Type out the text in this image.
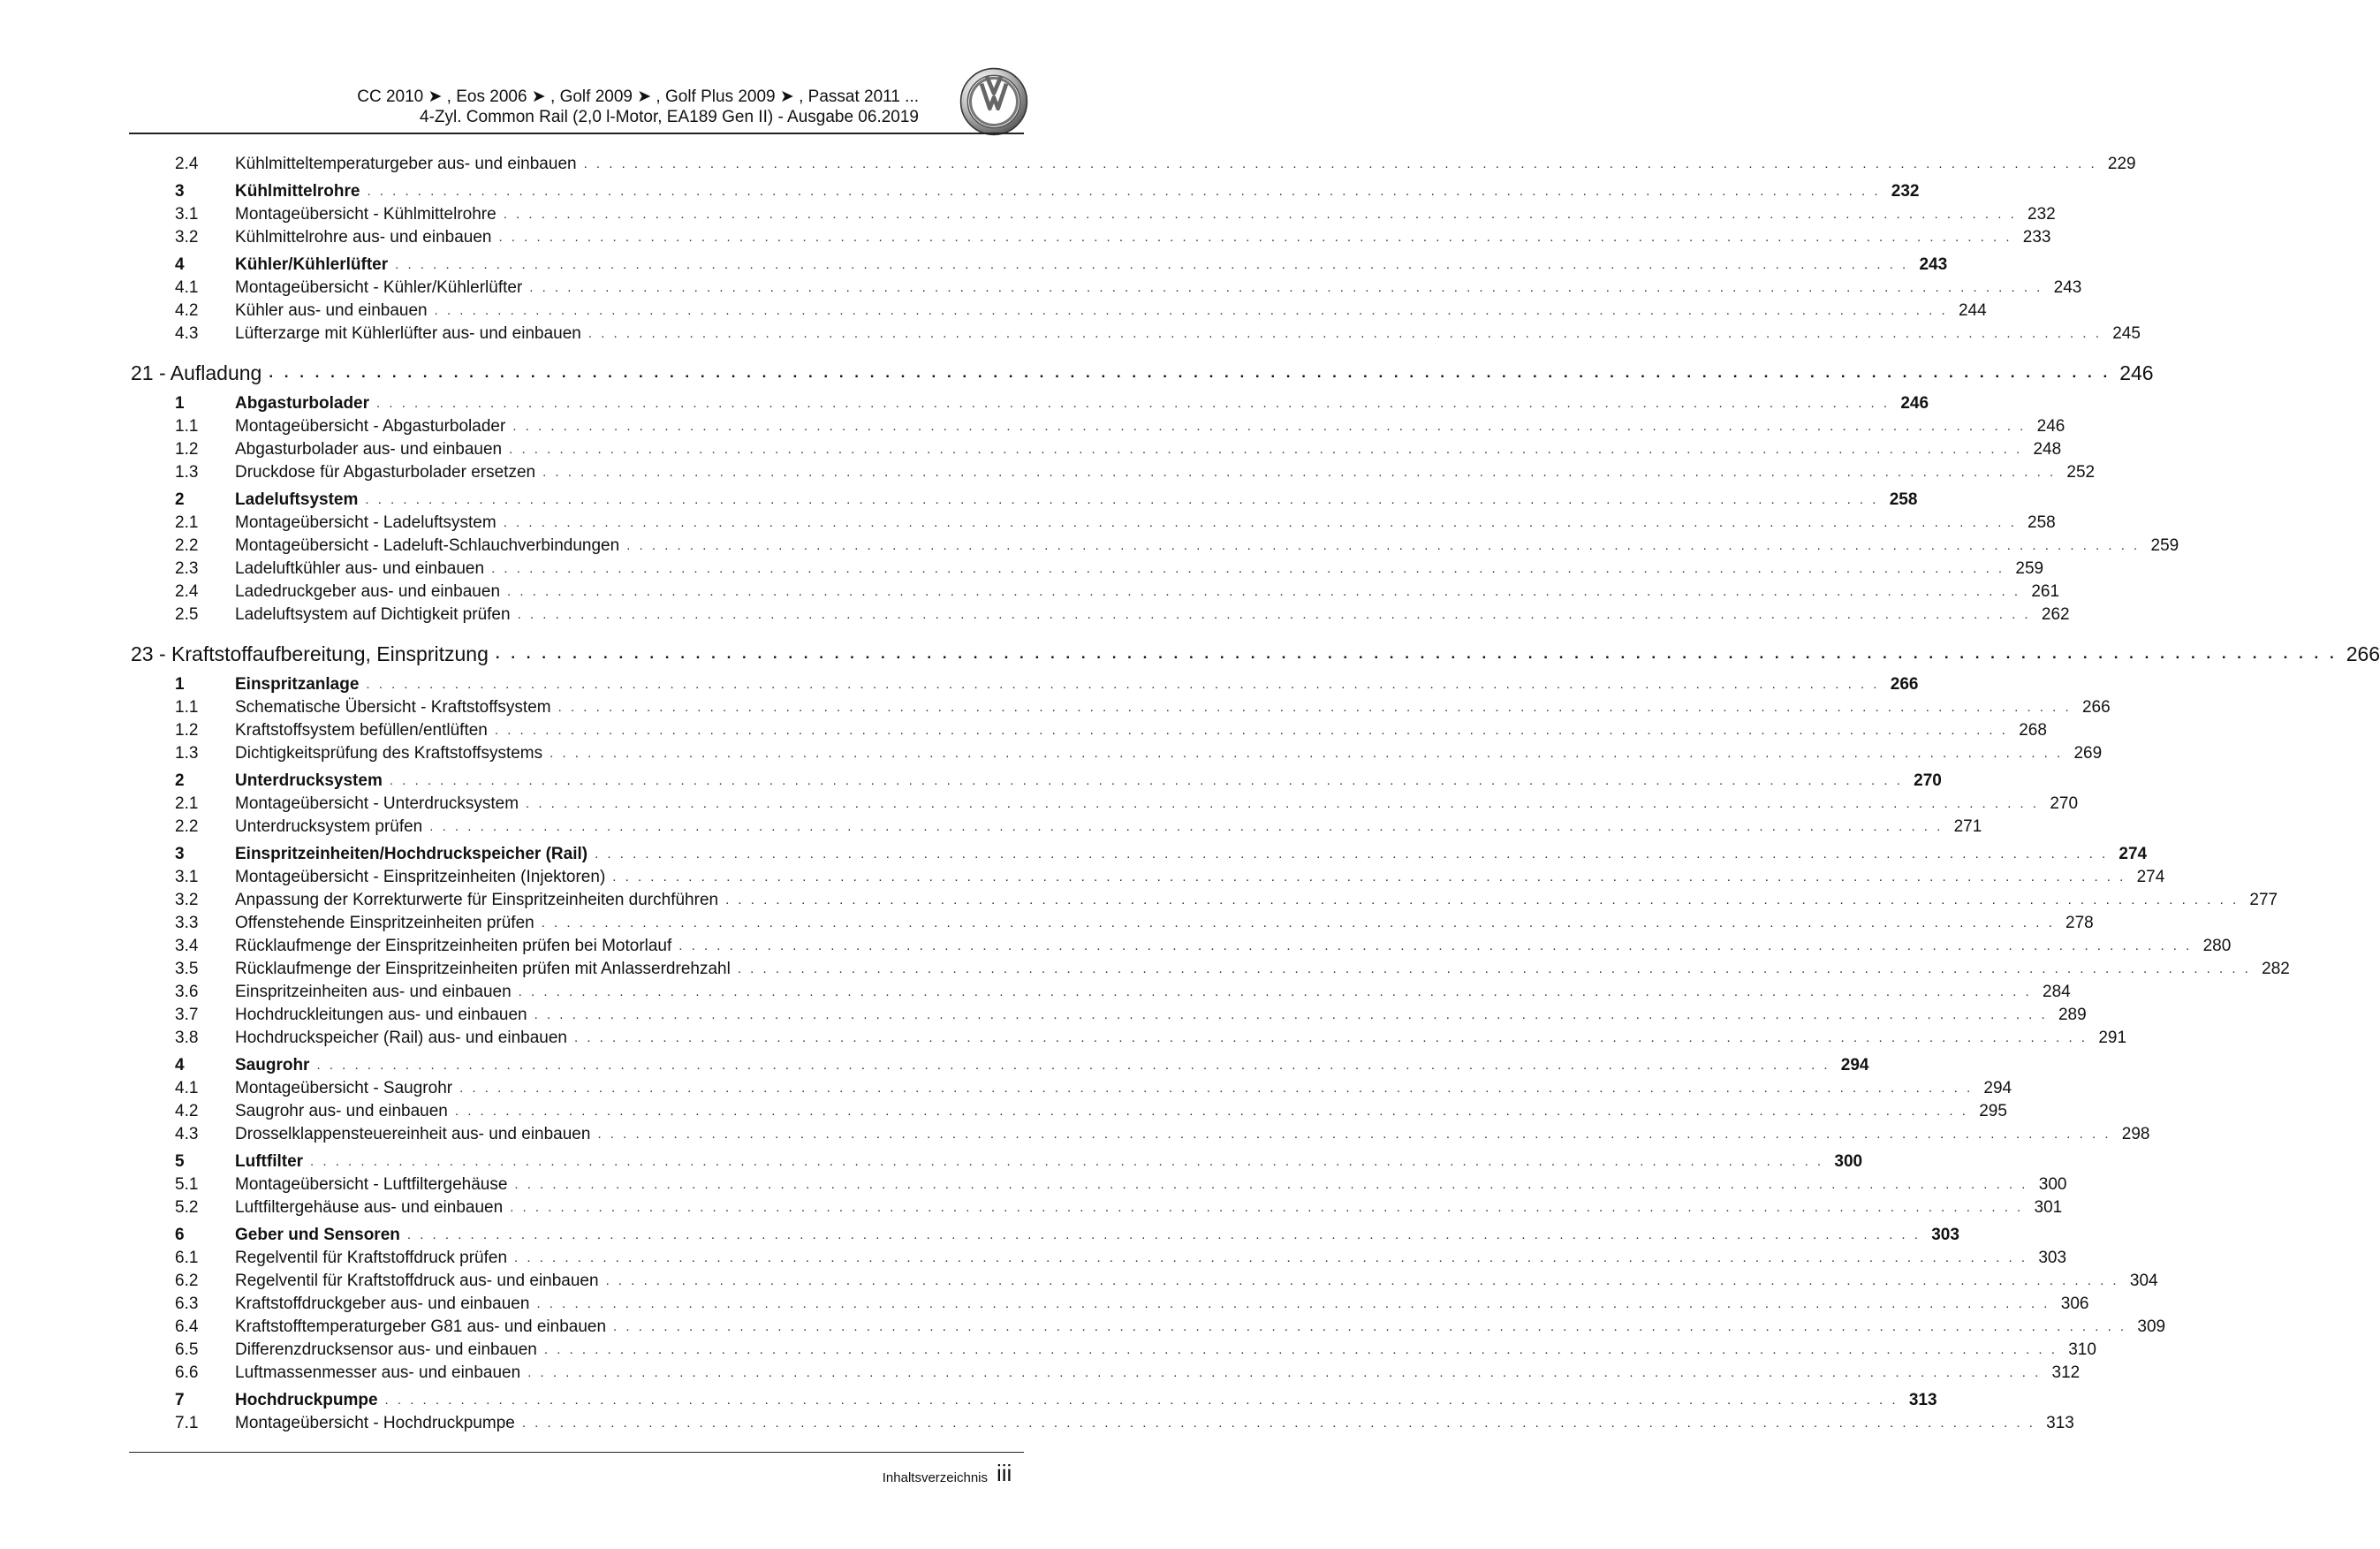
CC 2010 ➤ , Eos 2006 ➤ , Golf 2009 ➤ , Golf Plus 2009 ➤ , Passat 2011 ...
4-Zyl. Common Rail (2,0 l-Motor, EA189 Gen II) - Ausgabe 06.2019
2.4 Kühlmitteltemperaturgeber aus- und einbauen . . . . . . . . . . . . . . . . . . . . . . . . . . . . . . . . . . . . . . . . . . . . . . . . . . . . . . . . . . . . . . . . . . . . . . . . . . . . . . . . . . . . . . . . . . . . . . . . . . . . . . . . . . . . . . . . . . . . . . . . 229
3	Kühlmittelrohre . . . . . . . . . . . . . . . . . . . . . . . . . . . . . . . . . . . . . . . . . . . . . . . . . . . . . . . . . . . . . . . . . . . . . . . . . . . . . . . . . . . . . . . . . . . . . . . . . . . . . . . . . . . . . . . . . . . . . . . . 232
3.1 Montageübersicht - Kühlmittelrohre . . . . . . . . . . . . . . . . . . . . . . . . . . . . . . . . . . . . . . . . . . . . . . . . . . . . . . . . . . . . . . . . . . . . . . . . . . . . . . . . . . . . . . . . . . . . . . . . . . . . . . . . . . . . . . . . . . . . . . . . 232
3.2 Kühlmittelrohre aus- und einbauen . . . . . . . . . . . . . . . . . . . . . . . . . . . . . . . . . . . . . . . . . . . . . . . . . . . . . . . . . . . . . . . . . . . . . . . . . . . . . . . . . . . . . . . . . . . . . . . . . . . . . . . . . . . . . . . . . . . . . . . . 233
4	Kühler/Kühlerlüfter . . . . . . . . . . . . . . . . . . . . . . . . . . . . . . . . . . . . . . . . . . . . . . . . . . . . . . . . . . . . . . . . . . . . . . . . . . . . . . . . . . . . . . . . . . . . . . . . . . . . . . . . . . . . . . . . . . . . . . . . 243
4.1 Montageübersicht - Kühler/Kühlerlüfter . . . . . . . . . . . . . . . . . . . . . . . . . . . . . . . . . . . . . . . . . . . . . . . . . . . . . . . . . . . . . . . . . . . . . . . . . . . . . . . . . . . . . . . . . . . . . . . . . . . . . . . . . . . . . . . . . . . . . . . . 243
4.2 Kühler aus- und einbauen . . . . . . . . . . . . . . . . . . . . . . . . . . . . . . . . . . . . . . . . . . . . . . . . . . . . . . . . . . . . . . . . . . . . . . . . . . . . . . . . . . . . . . . . . . . . . . . . . . . . . . . . . . . . . . . . . . . . . . . . 244
4.3 Lüfterzarge mit Kühlerlüfter aus- und einbauen . . . . . . . . . . . . . . . . . . . . . . . . . . . . . . . . . . . . . . . . . . . . . . . . . . . . . . . . . . . . . . . . . . . . . . . . . . . . . . . . . . . . . . . . . . . . . . . . . . . . . . . . . . . . . . . . . . . . . . . . 245
21 - Aufladung . . . . . . . . . . . . . . . . . . . . . . . . . . . . . . . . . . . . . . . . . . . . . . . . . . . . . . . . . . . . . . . . . . . . . . . . . . . . . . . . . . . . . . . . . . . . . . . . . . . . . . . . . . . . . . . . . . . . . . . . 246
1	Abgasturbolader . . . . . . . . . . . . . . . . . . . . . . . . . . . . . . . . . . . . . . . . . . . . . . . . . . . . . . . . . . . . . . . . . . . . . . . . . . . . . . . . . . . . . . . . . . . . . . . . . . . . . . . . . . . . . . . . . . . . . . . . 246
1.1 Montageübersicht - Abgasturbolader . . . . . . . . . . . . . . . . . . . . . . . . . . . . . . . . . . . . . . . . . . . . . . . . . . . . . . . . . . . . . . . . . . . . . . . . . . . . . . . . . . . . . . . . . . . . . . . . . . . . . . . . . . . . . . . . . . . . . . . . 246
1.2 Abgasturbolader aus- und einbauen . . . . . . . . . . . . . . . . . . . . . . . . . . . . . . . . . . . . . . . . . . . . . . . . . . . . . . . . . . . . . . . . . . . . . . . . . . . . . . . . . . . . . . . . . . . . . . . . . . . . . . . . . . . . . . . . . . . . . . . . 248
1.3 Druckdose für Abgasturbolader ersetzen . . . . . . . . . . . . . . . . . . . . . . . . . . . . . . . . . . . . . . . . . . . . . . . . . . . . . . . . . . . . . . . . . . . . . . . . . . . . . . . . . . . . . . . . . . . . . . . . . . . . . . . . . . . . . . . . . . . . . . . . 252
2	Ladeluftsystem . . . . . . . . . . . . . . . . . . . . . . . . . . . . . . . . . . . . . . . . . . . . . . . . . . . . . . . . . . . . . . . . . . . . . . . . . . . . . . . . . . . . . . . . . . . . . . . . . . . . . . . . . . . . . . . . . . . . . . . . 258
2.1 Montageübersicht - Ladeluftsystem . . . . . . . . . . . . . . . . . . . . . . . . . . . . . . . . . . . . . . . . . . . . . . . . . . . . . . . . . . . . . . . . . . . . . . . . . . . . . . . . . . . . . . . . . . . . . . . . . . . . . . . . . . . . . . . . . . . . . . . . 258
2.2 Montageübersicht - Ladeluft-Schlauchverbindungen . . . . . . . . . . . . . . . . . . . . . . . . . . . . . . . . . . . . . . . . . . . . . . . . . . . . . . . . . . . . . . . . . . . . . . . . . . . . . . . . . . . . . . . . . . . . . . . . . . . . . . . . . . . . . . . . . . . . . . . . 259
2.3 Ladeluftkühler aus- und einbauen . . . . . . . . . . . . . . . . . . . . . . . . . . . . . . . . . . . . . . . . . . . . . . . . . . . . . . . . . . . . . . . . . . . . . . . . . . . . . . . . . . . . . . . . . . . . . . . . . . . . . . . . . . . . . . . . . . . . . . . . 259
2.4 Ladedruckgeber aus- und einbauen . . . . . . . . . . . . . . . . . . . . . . . . . . . . . . . . . . . . . . . . . . . . . . . . . . . . . . . . . . . . . . . . . . . . . . . . . . . . . . . . . . . . . . . . . . . . . . . . . . . . . . . . . . . . . . . . . . . . . . . . 261
2.5 Ladeluftsystem auf Dichtigkeit prüfen . . . . . . . . . . . . . . . . . . . . . . . . . . . . . . . . . . . . . . . . . . . . . . . . . . . . . . . . . . . . . . . . . . . . . . . . . . . . . . . . . . . . . . . . . . . . . . . . . . . . . . . . . . . . . . . . . . . . . . . . 262
23 - Kraftstoffaufbereitung, Einspritzung . . . . . . . . . . . . . . . . . . . . . . . . . . . . . . . . . . . . . . . . . . . . . . . . . . . . . . . . . . . . . . . . . . . . . . . . . . . . . . . . . . . . . . . . . . . . . . . . . . . . . . . . . . . . . . . . . . . . . . . . 266
1	Einspritzanlage . . . . . . . . . . . . . . . . . . . . . . . . . . . . . . . . . . . . . . . . . . . . . . . . . . . . . . . . . . . . . . . . . . . . . . . . . . . . . . . . . . . . . . . . . . . . . . . . . . . . . . . . . . . . . . . . . . . . . . . . 266
1.1 Schematische Übersicht - Kraftstoffsystem . . . . . . . . . . . . . . . . . . . . . . . . . . . . . . . . . . . . . . . . . . . . . . . . . . . . . . . . . . . . . . . . . . . . . . . . . . . . . . . . . . . . . . . . . . . . . . . . . . . . . . . . . . . . . . . . . . . . . . . . 266
1.2 Kraftstoffsystem befüllen/entlüften . . . . . . . . . . . . . . . . . . . . . . . . . . . . . . . . . . . . . . . . . . . . . . . . . . . . . . . . . . . . . . . . . . . . . . . . . . . . . . . . . . . . . . . . . . . . . . . . . . . . . . . . . . . . . . . . . . . . . . . . 268
1.3 Dichtigkeitsprüfung des Kraftstoffsystems . . . . . . . . . . . . . . . . . . . . . . . . . . . . . . . . . . . . . . . . . . . . . . . . . . . . . . . . . . . . . . . . . . . . . . . . . . . . . . . . . . . . . . . . . . . . . . . . . . . . . . . . . . . . . . . . . . . . . . . . 269
2	Unterdrucksystem . . . . . . . . . . . . . . . . . . . . . . . . . . . . . . . . . . . . . . . . . . . . . . . . . . . . . . . . . . . . . . . . . . . . . . . . . . . . . . . . . . . . . . . . . . . . . . . . . . . . . . . . . . . . . . . . . . . . . . . . 270
2.1 Montageübersicht - Unterdrucksystem . . . . . . . . . . . . . . . . . . . . . . . . . . . . . . . . . . . . . . . . . . . . . . . . . . . . . . . . . . . . . . . . . . . . . . . . . . . . . . . . . . . . . . . . . . . . . . . . . . . . . . . . . . . . . . . . . . . . . . . . 270
2.2 Unterdrucksystem prüfen . . . . . . . . . . . . . . . . . . . . . . . . . . . . . . . . . . . . . . . . . . . . . . . . . . . . . . . . . . . . . . . . . . . . . . . . . . . . . . . . . . . . . . . . . . . . . . . . . . . . . . . . . . . . . . . . . . . . . . . . 271
3	Einspritzeinheiten/Hochdruckspeicher (Rail) . . . . . . . . . . . . . . . . . . . . . . . . . . . . . . . . . . . . . . . . . . . . . . . . . . . . . . . . . . . . . . . . . . . . . . . . . . . . . . . . . . . . . . . . . . . . . . . . . . . . . . . . . . . . . . . . . . . . . . . . 274
3.1 Montageübersicht - Einspritzeinheiten (Injektoren) . . . . . . . . . . . . . . . . . . . . . . . . . . . . . . . . . . . . . . . . . . . . . . . . . . . . . . . . . . . . . . . . . . . . . . . . . . . . . . . . . . . . . . . . . . . . . . . . . . . . . . . . . . . . . . . . . . . . . . . . 274
3.2 Anpassung der Korrekturwerte für Einspritzeinheiten durchführen . . . . . . . . . . . . . . . . . . . . . . . . . . . . . . . . . . . . . . . . . . . . . . . . . . . . . . . . . . . . . . . . . . . . . . . . . . . . . . . . . . . . . . . . . . . . . . . . . . . . . . . . . . . . . . . . . . . . . . . . 277
3.3 Offenstehende Einspritzeinheiten prüfen . . . . . . . . . . . . . . . . . . . . . . . . . . . . . . . . . . . . . . . . . . . . . . . . . . . . . . . . . . . . . . . . . . . . . . . . . . . . . . . . . . . . . . . . . . . . . . . . . . . . . . . . . . . . . . . . . . . . . . . . 278
3.4 Rücklaufmenge der Einspritzeinheiten prüfen bei Motorlauf . . . . . . . . . . . . . . . . . . . . . . . . . . . . . . . . . . . . . . . . . . . . . . . . . . . . . . . . . . . . . . . . . . . . . . . . . . . . . . . . . . . . . . . . . . . . . . . . . . . . . . . . . . . . . . . . . . . . . . . . 280
3.5 Rücklaufmenge der Einspritzeinheiten prüfen mit Anlasserdrehzahl . . . . . . . . . . . . . . . . . . . . . . . . . . . . . . . . . . . . . . . . . . . . . . . . . . . . . . . . . . . . . . . . . . . . . . . . . . . . . . . . . . . . . . . . . . . . . . . . . . . . . . . . . . . . . . . . . . . . . . . . 282
3.6 Einspritzeinheiten aus- und einbauen . . . . . . . . . . . . . . . . . . . . . . . . . . . . . . . . . . . . . . . . . . . . . . . . . . . . . . . . . . . . . . . . . . . . . . . . . . . . . . . . . . . . . . . . . . . . . . . . . . . . . . . . . . . . . . . . . . . . . . . . 284
3.7 Hochdruckleitungen aus- und einbauen . . . . . . . . . . . . . . . . . . . . . . . . . . . . . . . . . . . . . . . . . . . . . . . . . . . . . . . . . . . . . . . . . . . . . . . . . . . . . . . . . . . . . . . . . . . . . . . . . . . . . . . . . . . . . . . . . . . . . . . . 289
3.8 Hochdruckspeicher (Rail) aus- und einbauen . . . . . . . . . . . . . . . . . . . . . . . . . . . . . . . . . . . . . . . . . . . . . . . . . . . . . . . . . . . . . . . . . . . . . . . . . . . . . . . . . . . . . . . . . . . . . . . . . . . . . . . . . . . . . . . . . . . . . . . . 291
4	Saugrohr . . . . . . . . . . . . . . . . . . . . . . . . . . . . . . . . . . . . . . . . . . . . . . . . . . . . . . . . . . . . . . . . . . . . . . . . . . . . . . . . . . . . . . . . . . . . . . . . . . . . . . . . . . . . . . . . . . . . . . . . 294
4.1 Montageübersicht - Saugrohr . . . . . . . . . . . . . . . . . . . . . . . . . . . . . . . . . . . . . . . . . . . . . . . . . . . . . . . . . . . . . . . . . . . . . . . . . . . . . . . . . . . . . . . . . . . . . . . . . . . . . . . . . . . . . . . . . . . . . . . . 294
4.2 Saugrohr aus- und einbauen . . . . . . . . . . . . . . . . . . . . . . . . . . . . . . . . . . . . . . . . . . . . . . . . . . . . . . . . . . . . . . . . . . . . . . . . . . . . . . . . . . . . . . . . . . . . . . . . . . . . . . . . . . . . . . . . . . . . . . . . 295
4.3 Drosselklappensteuereinheit aus- und einbauen . . . . . . . . . . . . . . . . . . . . . . . . . . . . . . . . . . . . . . . . . . . . . . . . . . . . . . . . . . . . . . . . . . . . . . . . . . . . . . . . . . . . . . . . . . . . . . . . . . . . . . . . . . . . . . . . . . . . . . . . 298
5	Luftfilter . . . . . . . . . . . . . . . . . . . . . . . . . . . . . . . . . . . . . . . . . . . . . . . . . . . . . . . . . . . . . . . . . . . . . . . . . . . . . . . . . . . . . . . . . . . . . . . . . . . . . . . . . . . . . . . . . . . . . . . . 300
5.1 Montageübersicht - Luftfiltergehäuse . . . . . . . . . . . . . . . . . . . . . . . . . . . . . . . . . . . . . . . . . . . . . . . . . . . . . . . . . . . . . . . . . . . . . . . . . . . . . . . . . . . . . . . . . . . . . . . . . . . . . . . . . . . . . . . . . . . . . . . . 300
5.2 Luftfiltergehäuse aus- und einbauen . . . . . . . . . . . . . . . . . . . . . . . . . . . . . . . . . . . . . . . . . . . . . . . . . . . . . . . . . . . . . . . . . . . . . . . . . . . . . . . . . . . . . . . . . . . . . . . . . . . . . . . . . . . . . . . . . . . . . . . . 301
6	Geber und Sensoren . . . . . . . . . . . . . . . . . . . . . . . . . . . . . . . . . . . . . . . . . . . . . . . . . . . . . . . . . . . . . . . . . . . . . . . . . . . . . . . . . . . . . . . . . . . . . . . . . . . . . . . . . . . . . . . . . . . . . . . . 303
6.1 Regelventil für Kraftstoffdruck prüfen . . . . . . . . . . . . . . . . . . . . . . . . . . . . . . . . . . . . . . . . . . . . . . . . . . . . . . . . . . . . . . . . . . . . . . . . . . . . . . . . . . . . . . . . . . . . . . . . . . . . . . . . . . . . . . . . . . . . . . . . 303
6.2 Regelventil für Kraftstoffdruck aus- und einbauen . . . . . . . . . . . . . . . . . . . . . . . . . . . . . . . . . . . . . . . . . . . . . . . . . . . . . . . . . . . . . . . . . . . . . . . . . . . . . . . . . . . . . . . . . . . . . . . . . . . . . . . . . . . . . . . . . . . . . . . . 304
6.3 Kraftstoffdruckgeber aus- und einbauen . . . . . . . . . . . . . . . . . . . . . . . . . . . . . . . . . . . . . . . . . . . . . . . . . . . . . . . . . . . . . . . . . . . . . . . . . . . . . . . . . . . . . . . . . . . . . . . . . . . . . . . . . . . . . . . . . . . . . . . . 306
6.4 Kraftstofftemperaturgeber G81 aus- und einbauen . . . . . . . . . . . . . . . . . . . . . . . . . . . . . . . . . . . . . . . . . . . . . . . . . . . . . . . . . . . . . . . . . . . . . . . . . . . . . . . . . . . . . . . . . . . . . . . . . . . . . . . . . . . . . . . . . . . . . . . . 309
6.5 Differenzdrucksensor aus- und einbauen . . . . . . . . . . . . . . . . . . . . . . . . . . . . . . . . . . . . . . . . . . . . . . . . . . . . . . . . . . . . . . . . . . . . . . . . . . . . . . . . . . . . . . . . . . . . . . . . . . . . . . . . . . . . . . . . . . . . . . . . 310
6.6 Luftmassenmesser aus- und einbauen . . . . . . . . . . . . . . . . . . . . . . . . . . . . . . . . . . . . . . . . . . . . . . . . . . . . . . . . . . . . . . . . . . . . . . . . . . . . . . . . . . . . . . . . . . . . . . . . . . . . . . . . . . . . . . . . . . . . . . . . 312
7	Hochdruckpumpe . . . . . . . . . . . . . . . . . . . . . . . . . . . . . . . . . . . . . . . . . . . . . . . . . . . . . . . . . . . . . . . . . . . . . . . . . . . . . . . . . . . . . . . . . . . . . . . . . . . . . . . . . . . . . . . . . . . . . . . . 313
7.1 Montageübersicht - Hochdruckpumpe . . . . . . . . . . . . . . . . . . . . . . . . . . . . . . . . . . . . . . . . . . . . . . . . . . . . . . . . . . . . . . . . . . . . . . . . . . . . . . . . . . . . . . . . . . . . . . . . . . . . . . . . . . . . . . . . . . . . . . . . 313
Inhaltsverzeichnis iii
